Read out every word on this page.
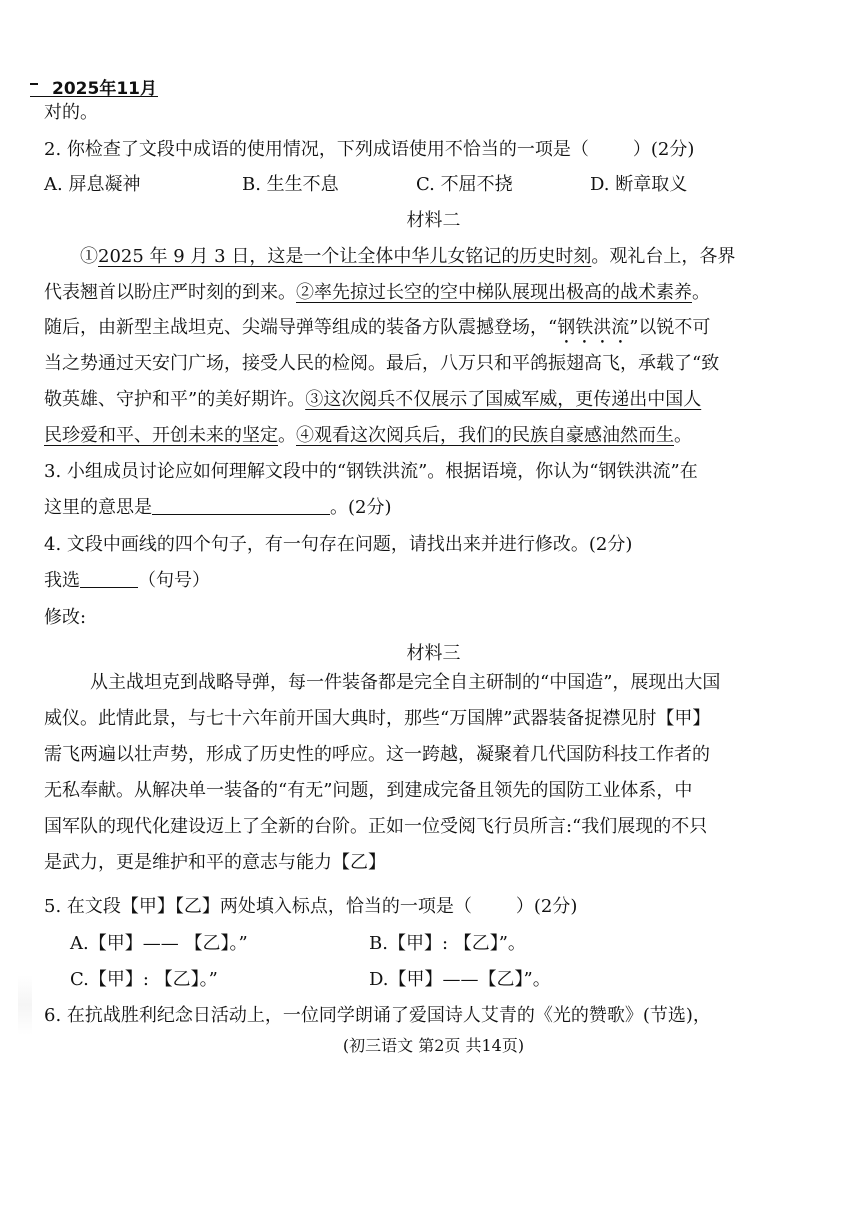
2025年11月
对的。
2. 你检查了文段中成语的使用情况，下列成语使用不恰当的一项是（ ）(2分)
A. 屏息凝神	B. 生生不息	C. 不屈不挠	D. 断章取义
材料二
①2025 年 9 月 3 日，这是一个让全体中华儿女铭记的历史时刻。观礼台上，各界
代表翘首以盼庄严时刻的到来。②率先掠过长空的空中梯队展现出极高的战术素养。
随后，由新型主战坦克、尖端导弹等组成的装备方队震撼登场，“钢铁洪流”以锐不可
当之势通过天安门广场，接受人民的检阅。最后，八万只和平鸽振翅高飞，承载了“致
敬英雄、守护和平”的美好期许。③这次阅兵不仅展示了国威军威，更传递出中国人
民珍爱和平、开创未来的坚定。④观看这次阅兵后，我们的民族自豪感油然而生。
3. 小组成员讨论应如何理解文段中的“钢铁洪流”。根据语境，你认为“钢铁洪流”在
这里的意思是	。(2分)
4. 文段中画线的四个句子，有一句存在问题，请找出来并进行修改。(2分)
我选	（句号）
修改:
材料三
从主战坦克到战略导弹，每一件装备都是完全自主研制的“中国造”，展现出大国
威仪。此情此景，与七十六年前开国大典时，那些“万国牌”武器装备捉襟见肘【甲】
需飞两遍以壮声势，形成了历史性的呼应。这一跨越，凝聚着几代国防科技工作者的
无私奉献。从解决单一装备的“有无”问题，到建成完备且领先的国防工业体系，中
国军队的现代化建设迈上了全新的台阶。正如一位受阅飞行员所言:“我们展现的不只
是武力，更是维护和平的意志与能力【乙】
5. 在文段【甲】【乙】两处填入标点，恰当的一项是（ ）(2分)
A.【甲】—— 【乙】。”	B.【甲】: 【乙】”。
C.【甲】: 【乙】。”	D.【甲】——【乙】”。
6. 在抗战胜利纪念日活动上，一位同学朗诵了爱国诗人艾青的《光的赞歌》(节选)，
(初三语文 第2页 共14页)
